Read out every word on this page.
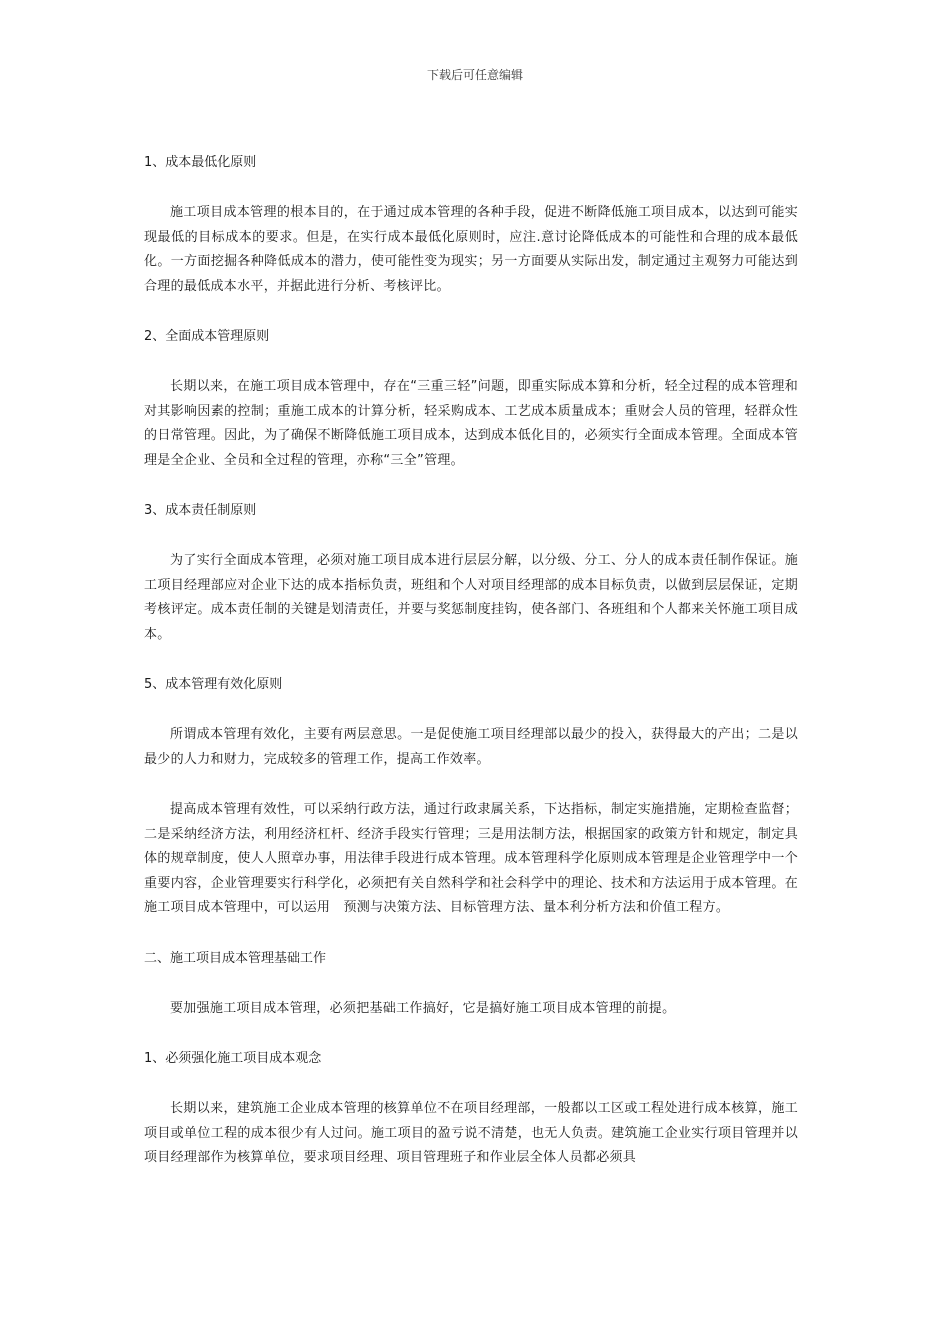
下载后可任意编辑
1、成本最低化原则
施工项目成本管理的根本目的，在于通过成本管理的各种手段，促进不断降低施工项目成本，以达到可能实现最低的目标成本的要求。但是，在实行成本最低化原则时，应注.意讨论降低成本的可能性和合理的成本最低化。一方面挖掘各种降低成本的潜力，使可能性变为现实；另一方面要从实际出发，制定通过主观努力可能达到合理的最低成本水平，并据此进行分析、考核评比。
2、全面成本管理原则
长期以来，在施工项目成本管理中，存在“三重三轻”问题，即重实际成本算和分析，轻全过程的成本管理和对其影响因素的控制；重施工成本的计算分析，轻采购成本、工艺成本质量成本；重财会人员的管理，轻群众性的日常管理。因此，为了确保不断降低施工项目成本，达到成本低化目的，必须实行全面成本管理。全面成本管理是全企业、全员和全过程的管理，亦称“三全”管理。
3、成本责任制原则
为了实行全面成本管理，必须对施工项目成本进行层层分解，以分级、分工、分人的成本责任制作保证。施工项目经理部应对企业下达的成本指标负责，班组和个人对项目经理部的成本目标负责，以做到层层保证，定期考核评定。成本责任制的关键是划清责任，并要与奖惩制度挂钩，使各部门、各班组和个人都来关怀施工项目成本。
5、成本管理有效化原则
所谓成本管理有效化，主要有两层意思。一是促使施工项目经理部以最少的投入，获得最大的产出；二是以最少的人力和财力，完成较多的管理工作，提高工作效率。
提高成本管理有效性，可以采纳行政方法，通过行政隶属关系，下达指标，制定实施措施，定期检查监督；二是采纳经济方法，利用经济杠杆、经济手段实行管理；三是用法制方法，根据国家的政策方针和规定，制定具体的规章制度，使人人照章办事，用法律手段进行成本管理。成本管理科学化原则成本管理是企业管理学中一个重要内容，企业管理要实行科学化，必须把有关自然科学和社会科学中的理论、技术和方法运用于成本管理。在施工项目成本管理中，可以运用　预测与决策方法、目标管理方法、量本利分析方法和价值工程方。
二、施工项目成本管理基础工作
要加强施工项目成本管理，必须把基础工作搞好，它是搞好施工项目成本管理的前提。
1、必须强化施工项目成本观念
长期以来，建筑施工企业成本管理的核算单位不在项目经理部，一般都以工区或工程处进行成本核算，施工项目或单位工程的成本很少有人过问。施工项目的盈亏说不清楚，也无人负责。建筑施工企业实行项目管理并以项目经理部作为核算单位，要求项目经理、项目管理班子和作业层全体人员都必须具
